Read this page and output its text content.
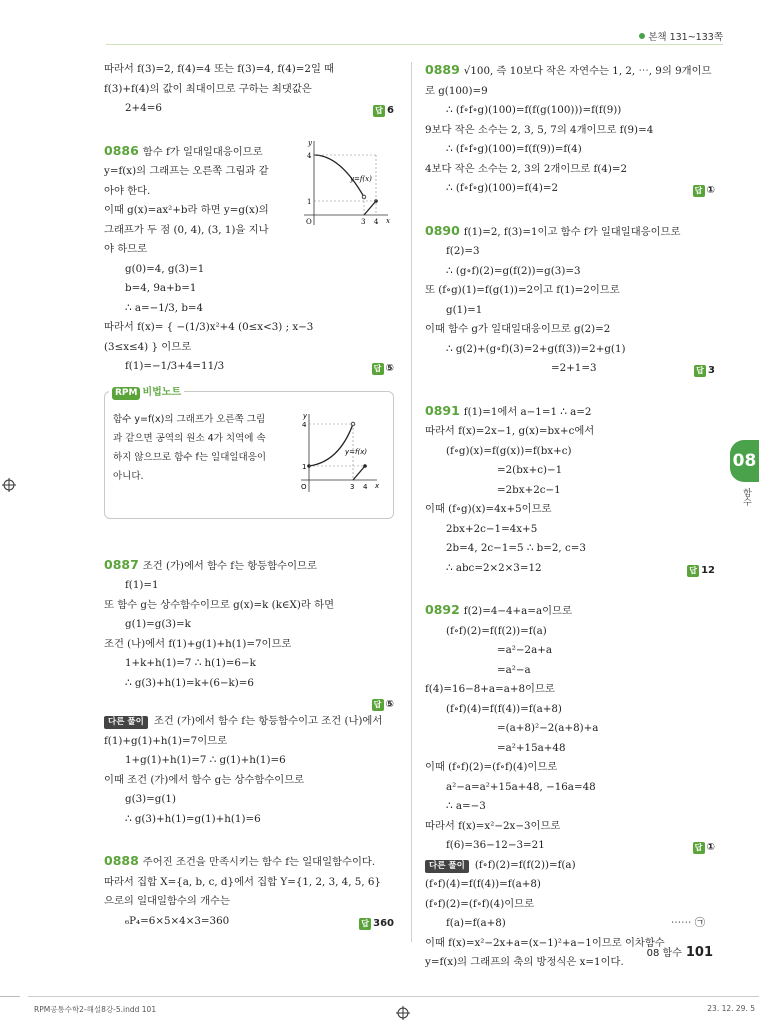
본책 131~133쪽
따라서 f(3)=2, f(4)=4 또는 f(3)=4, f(4)=2일 때
f(3)+f(4)의 값이 최대이므로 구하는 최댓값은
2+4=6	답 6
0886 함수 f가 일대일대응이므로
y=f(x)의 그래프는 오른쪽 그림과 같
아야 한다.
이때 g(x)=ax²+b라 하면 y=g(x)의
그래프가 두 점 (0, 4), (3, 1)을 지나
야 하므로
g(0)=4, g(3)=1
b=4, 9a+b=1
∴ a=−1/3, b=4
따라서 f(x)= { −(1/3)x²+4 (0≤x<3) ; x−3 (3≤x≤4) } 이므로
f(1)=−1/3+4=11/3	답 ⑤
y
x
4
1
O	3 4
y=f(x)
RPM 비법노트
함수 y=f(x)의 그래프가 오른쪽 그림
과 같으면 공역의 원소 4가 치역에 속
하지 않으므로 함수 f는 일대일대응이
아니다.
y
x
4
1
O	3 4
y=f(x)
0887 조건 (가)에서 함수 f는 항등함수이므로
f(1)=1
또 함수 g는 상수함수이므로 g(x)=k (k∈X)라 하면
g(1)=g(3)=k
조건 (나)에서 f(1)+g(1)+h(1)=7이므로
1+k+h(1)=7 ∴ h(1)=6−k
∴ g(3)+h(1)=k+(6−k)=6
답 ⑤
다른 풀이 조건 (가)에서 함수 f는 항등함수이고 조건 (나)에서
f(1)+g(1)+h(1)=7이므로
1+g(1)+h(1)=7 ∴ g(1)+h(1)=6
이때 조건 (가)에서 함수 g는 상수함수이므로
g(3)=g(1)
∴ g(3)+h(1)=g(1)+h(1)=6
0888 주어진 조건을 만족시키는 함수 f는 일대일함수이다.
따라서 집합 X={a, b, c, d}에서 집합 Y={1, 2, 3, 4, 5, 6}
으로의 일대일함수의 개수는
₆P₄=6×5×4×3=360	답 360
0889 √100, 즉 10보다 작은 자연수는 1, 2, ⋯, 9의 9개이므
로 g(100)=9
∴ (f∘f∘g)(100)=f(f(g(100)))=f(f(9))
9보다 작은 소수는 2, 3, 5, 7의 4개이므로 f(9)=4
∴ (f∘f∘g)(100)=f(f(9))=f(4)
4보다 작은 소수는 2, 3의 2개이므로 f(4)=2
∴ (f∘f∘g)(100)=f(4)=2	답 ①
0890 f(1)=2, f(3)=1이고 함수 f가 일대일대응이므로
f(2)=3
∴ (g∘f)(2)=g(f(2))=g(3)=3
또 (f∘g)(1)=f(g(1))=2이고 f(1)=2이므로
g(1)=1
이때 함수 g가 일대일대응이므로 g(2)=2
∴ g(2)+(g∘f)(3)=2+g(f(3))=2+g(1)
=2+1=3	답 3
0891 f(1)=1에서 a−1=1 ∴ a=2
따라서 f(x)=2x−1, g(x)=bx+c에서
(f∘g)(x)=f(g(x))=f(bx+c)
=2(bx+c)−1
=2bx+2c−1
이때 (f∘g)(x)=4x+5이므로
2bx+2c−1=4x+5
2b=4, 2c−1=5 ∴ b=2, c=3
∴ abc=2×2×3=12	답 12
0892 f(2)=4−4+a=a이므로
(f∘f)(2)=f(f(2))=f(a)
=a²−2a+a
=a²−a
f(4)=16−8+a=a+8이므로
(f∘f)(4)=f(f(4))=f(a+8)
=(a+8)²−2(a+8)+a
=a²+15a+48
이때 (f∘f)(2)=(f∘f)(4)이므로
a²−a=a²+15a+48, −16a=48
∴ a=−3
따라서 f(x)=x²−2x−3이므로
f(6)=36−12−3=21	답 ①
다른 풀이 (f∘f)(2)=f(f(2))=f(a)
(f∘f)(4)=f(f(4))=f(a+8)
(f∘f)(2)=(f∘f)(4)이므로
f(a)=f(a+8)	⋯⋯ ㉠
이때 f(x)=x²−2x+a=(x−1)²+a−1이므로 이차함수
y=f(x)의 그래프의 축의 방정식은 x=1이다.
08
함수
08 함수 101
RPM공통수학2-해설8강-5.indd 101	23. 12. 29. 5
